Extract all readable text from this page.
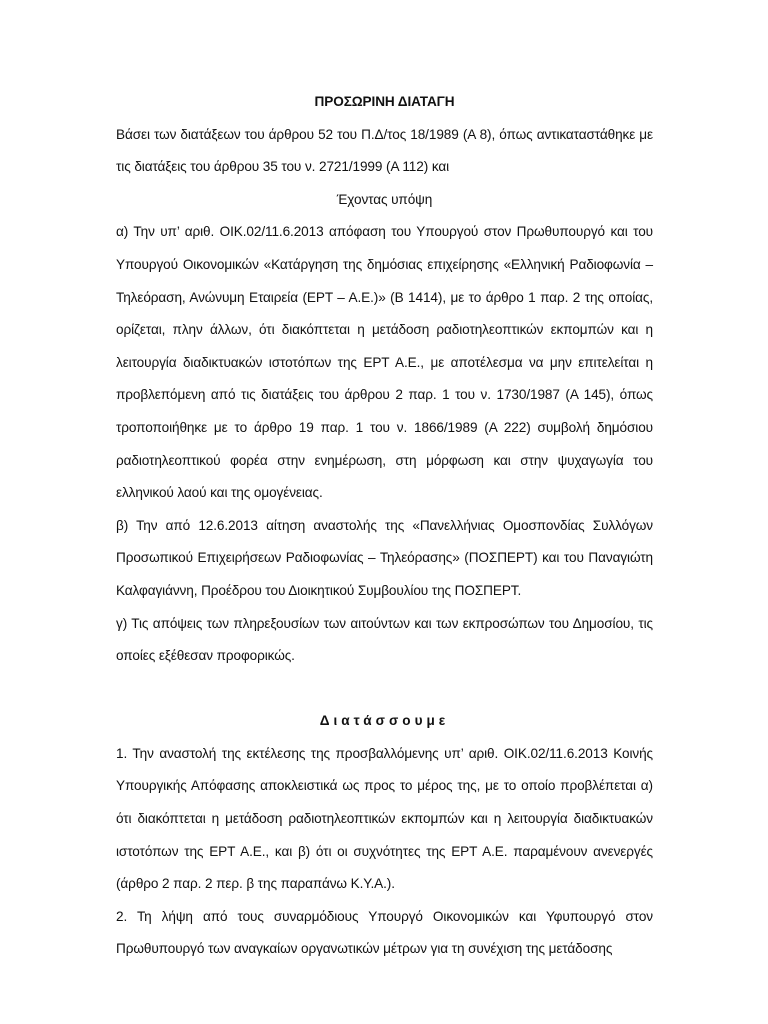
ΠΡΟΣΩΡΙΝΗ ΔΙΑΤΑΓΗ

Βάσει των διατάξεων του άρθρου 52 του Π.Δ/τος 18/1989 (Α 8), όπως αντικαταστάθηκε με τις διατάξεις του άρθρου 35 του ν. 2721/1999 (Α 112) και

Έχοντας υπόψη

α) Την υπ’ αριθ. ΟΙΚ.02/11.6.2013 απόφαση του Υπουργού στον Πρωθυπουργό και του Υπουργού Οικονομικών «Κατάργηση της δημόσιας επιχείρησης «Ελληνική Ραδιοφωνία – Τηλεόραση, Ανώνυμη Εταιρεία (ΕΡΤ – Α.Ε.)» (Β 1414), με το άρθρο 1 παρ. 2 της οποίας, ορίζεται, πλην άλλων, ότι διακόπτεται η μετάδοση ραδιοτηλεοπτικών εκπομπών και η λειτουργία διαδικτυακών ιστοτόπων της ΕΡΤ Α.Ε., με αποτέλεσμα να μην επιτελείται η προβλεπόμενη από τις διατάξεις του άρθρου 2 παρ. 1 του ν. 1730/1987 (Α 145), όπως τροποποιήθηκε με το άρθρο 19 παρ. 1 του ν. 1866/1989 (Α 222) συμβολή δημόσιου ραδιοτηλεοπτικού φορέα στην ενημέρωση, στη μόρφωση και στην ψυχαγωγία του ελληνικού λαού και της ομογένειας.

β) Την από 12.6.2013 αίτηση αναστολής της «Πανελλήνιας Ομοσπονδίας Συλλόγων Προσωπικού Επιχειρήσεων Ραδιοφωνίας – Τηλεόρασης» (ΠΟΣΠΕΡΤ) και του Παναγιώτη Καλφαγιάννη, Προέδρου του Διοικητικού Συμβουλίου της ΠΟΣΠΕΡΤ.

γ) Τις απόψεις των πληρεξουσίων των αιτούντων και των εκπροσώπων του Δημοσίου, τις οποίες εξέθεσαν προφορικώς.

Διατάσσουμε

1. Την αναστολή της εκτέλεσης της προσβαλλόμενης υπ’ αριθ. ΟΙΚ.02/11.6.2013 Κοινής Υπουργικής Απόφασης αποκλειστικά ως προς το μέρος της, με το οποίο προβλέπεται α) ότι διακόπτεται η μετάδοση ραδιοτηλεοπτικών εκπομπών και η λειτουργία διαδικτυακών ιστοτόπων της ΕΡΤ Α.Ε., και β) ότι οι συχνότητες της ΕΡΤ Α.Ε. παραμένουν ανενεργές (άρθρο 2 παρ. 2 περ. β της παραπάνω Κ.Υ.Α.).

2. Τη λήψη από τους συναρμόδιους Υπουργό Οικονομικών και Υφυπουργό στον Πρωθυπουργό των αναγκαίων οργανωτικών μέτρων για τη συνέχιση της μετάδοσης
